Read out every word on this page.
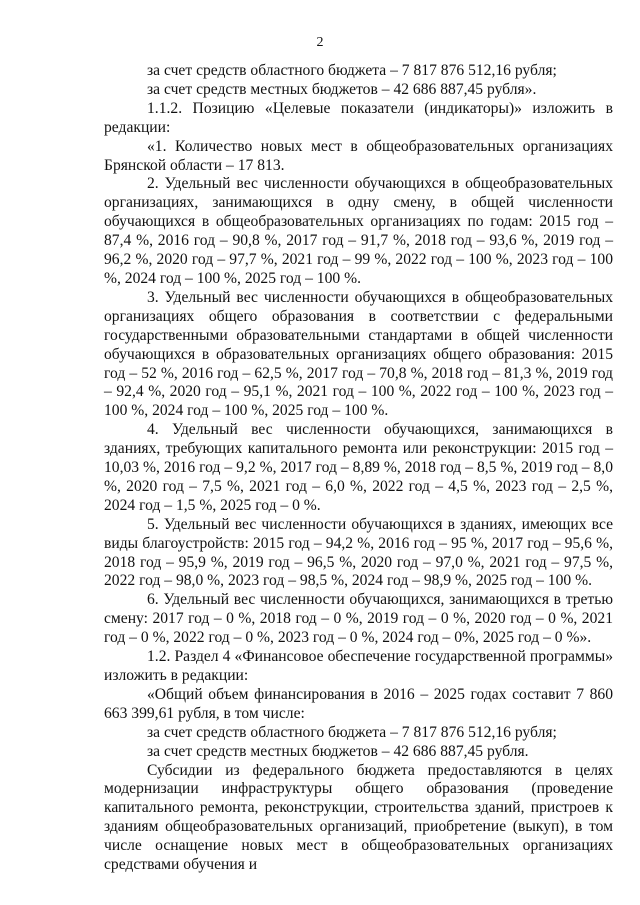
2

за счет средств областного бюджета – 7 817 876 512,16 рубля;

за счет средств местных бюджетов – 42 686 887,45 рубля».

1.1.2. Позицию «Целевые показатели (индикаторы)» изложить в редакции:

«1. Количество новых мест в общеобразовательных организациях Брянской области – 17 813.

2. Удельный вес численности обучающихся в общеобразовательных организациях, занимающихся в одну смену, в общей численности обучающихся в общеобразовательных организациях по годам: 2015 год – 87,4 %, 2016 год – 90,8 %, 2017 год – 91,7 %, 2018 год – 93,6 %, 2019 год – 96,2 %, 2020 год – 97,7 %, 2021 год – 99 %, 2022 год – 100 %, 2023 год – 100 %, 2024 год – 100 %, 2025 год – 100 %.

3. Удельный вес численности обучающихся в общеобразовательных организациях общего образования в соответствии с федеральными государственными образовательными стандартами в общей численности обучающихся в образовательных организациях общего образования: 2015 год – 52 %, 2016 год – 62,5 %, 2017 год – 70,8 %, 2018 год – 81,3 %, 2019 год – 92,4 %, 2020 год – 95,1 %, 2021 год – 100 %, 2022 год – 100 %, 2023 год – 100 %, 2024 год – 100 %, 2025 год – 100 %.

4. Удельный вес численности обучающихся, занимающихся в зданиях, требующих капитального ремонта или реконструкции: 2015 год – 10,03 %, 2016 год – 9,2 %, 2017 год – 8,89 %, 2018 год – 8,5 %, 2019 год – 8,0 %, 2020 год – 7,5 %, 2021 год – 6,0 %, 2022 год – 4,5 %, 2023 год – 2,5 %, 2024 год – 1,5 %, 2025 год – 0 %.

5. Удельный вес численности обучающихся в зданиях, имеющих все виды благоустройств: 2015 год – 94,2 %, 2016 год – 95 %, 2017 год – 95,6 %, 2018 год – 95,9 %, 2019 год – 96,5 %, 2020 год – 97,0 %, 2021 год – 97,5 %, 2022 год – 98,0 %, 2023 год – 98,5 %, 2024 год – 98,9 %, 2025 год – 100 %.

6. Удельный вес численности обучающихся, занимающихся в третью смену: 2017 год – 0 %, 2018 год – 0 %, 2019 год – 0 %, 2020 год – 0 %, 2021 год – 0 %, 2022 год – 0 %, 2023 год – 0 %, 2024 год – 0%, 2025 год – 0 %».

1.2. Раздел 4 «Финансовое обеспечение государственной программы» изложить в редакции:

«Общий объем финансирования в 2016 – 2025 годах составит 7 860 663 399,61 рубля, в том числе:

за счет средств областного бюджета – 7 817 876 512,16 рубля;

за счет средств местных бюджетов – 42 686 887,45 рубля.

Субсидии из федерального бюджета предоставляются в целях модернизации инфраструктуры общего образования (проведение капитального ремонта, реконструкции, строительства зданий, пристроев к зданиям общеобразовательных организаций, приобретение (выкуп), в том числе оснащение новых мест в общеобразовательных организациях средствами обучения и
